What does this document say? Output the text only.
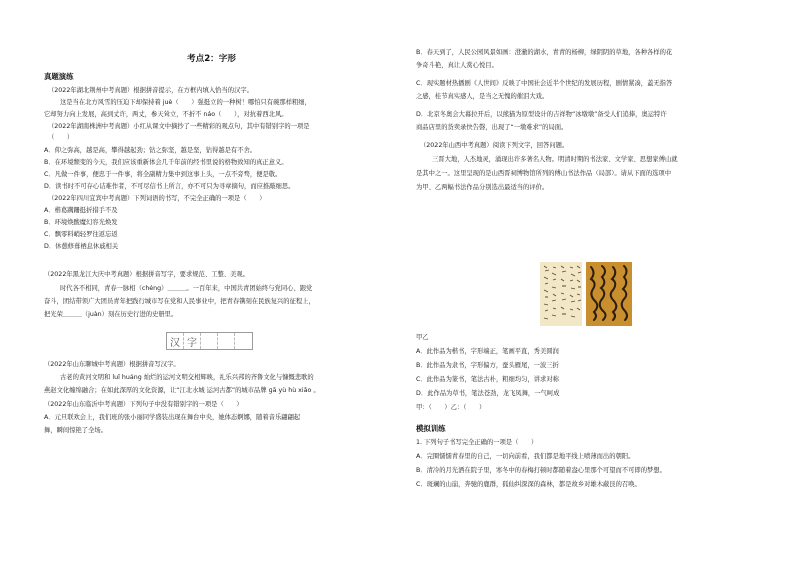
考点2：字形
真题演练
（2022年湖北荆州中考真题）根据拼音提示，在方框内填入恰当的汉字。
这是当在北方风雪的压迫下却保持着 juè（　　）强挺立的一种树！哪怕只有碗那样粗细，
它却努力向上发展，高到丈许，两丈，参天耸立，不折不 náo（　　），对抗着西北风。
（2022年湖南株洲中考真题）小红从课文中摘抄了一些精彩的观点句，其中有错别字的一项是
（　　）
A．仰之弥高，越是高，攀得越起劲；钻之弥坚，越是坚，钻得越是有不舍。
B．在环境颓变的今天，我们应该重新体会几千年前的经书里说的格物致知的真正意义。
C．凡做一件事，便忠于一件事，将全副精力集中到这事上头，一点不旁骛，便是敬。
D．读书时不可存心诘难作者，不可尽信书上所言，亦不可只为寻章摘句，而应推敲细思。
（2022年四川宜宾中考真题）下列词语的书写，不完全正确的一项是（　　）
A．楷葛蹒跚挺折措手不及
B．环境焕酸魔幻容光焕发
C．飘零料峭轻罗往返忘返
D．休憩修葺栖息休戚相关
（2022年黑龙江大庆中考真题）根据拼音写字，要求规范、工整、美观。
时代各不相同，青春一脉相（chéng）＿＿＿。一百年来，中国共青团始终与党同心、跟党
奋斗，团结带领广大团员青年把践行城市写在党和人民事业中，把青春镌刻在民族复兴的征程上，
把光荣＿＿＿（juàn）刻在历史行进的史册里。
汉 字
（2022年山东聊城中考真题）根据拼音写汉字。
古老的黄河文明和 luǐ huáng 灿烂的运河文明交相辉映，礼乐兴邦的齐鲁文化与慷慨悲歌的
燕赵文化缠绵融合；在如此深厚的文化资源，让“江北水城 运河古都”的城市品牌 ɡā yù hù xiǎo 。
（2022年山东临沂中考真题）下列句子中没有错别字的一项是（　　）
A．元旦联欢会上，我们班的张小丽同学盛装出现在舞台中央，她体态婀娜，随着音乐翩翩起
舞，瞬间惊艳了全场。
B．春天到了，人民公园风景如画：澄澈的湖水，青青的杨柳，绿阴阴的草地，各种各样的花
争奇斗艳，真让人赏心悦目。
C．现实题材热播剧《人世间》反映了中国社会近半个世纪的发展历程，剧情紧凑，蓋无指答
之感，桂节真实感人，是当之无愧的催泪大戏。
D．北京冬奥会大幕拉开后，以熊猫为原型设计的吉祥物“冰墩墩”备受人们追捧，奥运特许
商品店里的货卖录快告磬，出现了“一墩难求”的局面。
（2022年山西中考真题）阅读下列文字，回答问题。
三晋大地，人杰地灵，涌现出许多著名人物。明清时期的书法家、文学家、思想家傅山就
是其中之一。这里呈现的是山西晋祠博物馆所列的傅山书法作品（局部）。请从下面的选项中
为甲、乙两幅书法作品分别选出最适当的评价。
甲乙
A．此作品为楷书，字形端正，笔画平直，秀美圆润
B．此作品为隶书，字形偏方，蚕头雁尾，一波三折
C．此作品为篆书，笔法古朴，粗细均匀，讲求对称
D．此作品为草书，笔法苍劲，龙飞凤舞，一气呵成
甲：（　　）乙：（　　）
模拟训练
1. 下列句子书写完全正确的一项是（　　）
A．完圈懦懦青春里的自己，一切向前看，我们都是地平线上喷薄而出的朝阳。
B．清冷的月光洒在院子里，寒冬中的春梅打顿时都随着盎心里那个可望而不可即的梦想。
C．斑斓的山崩，奔驰的鹿群，狐仙纠深深的森林，都是故乡对雄木蔽艮的召唤。
